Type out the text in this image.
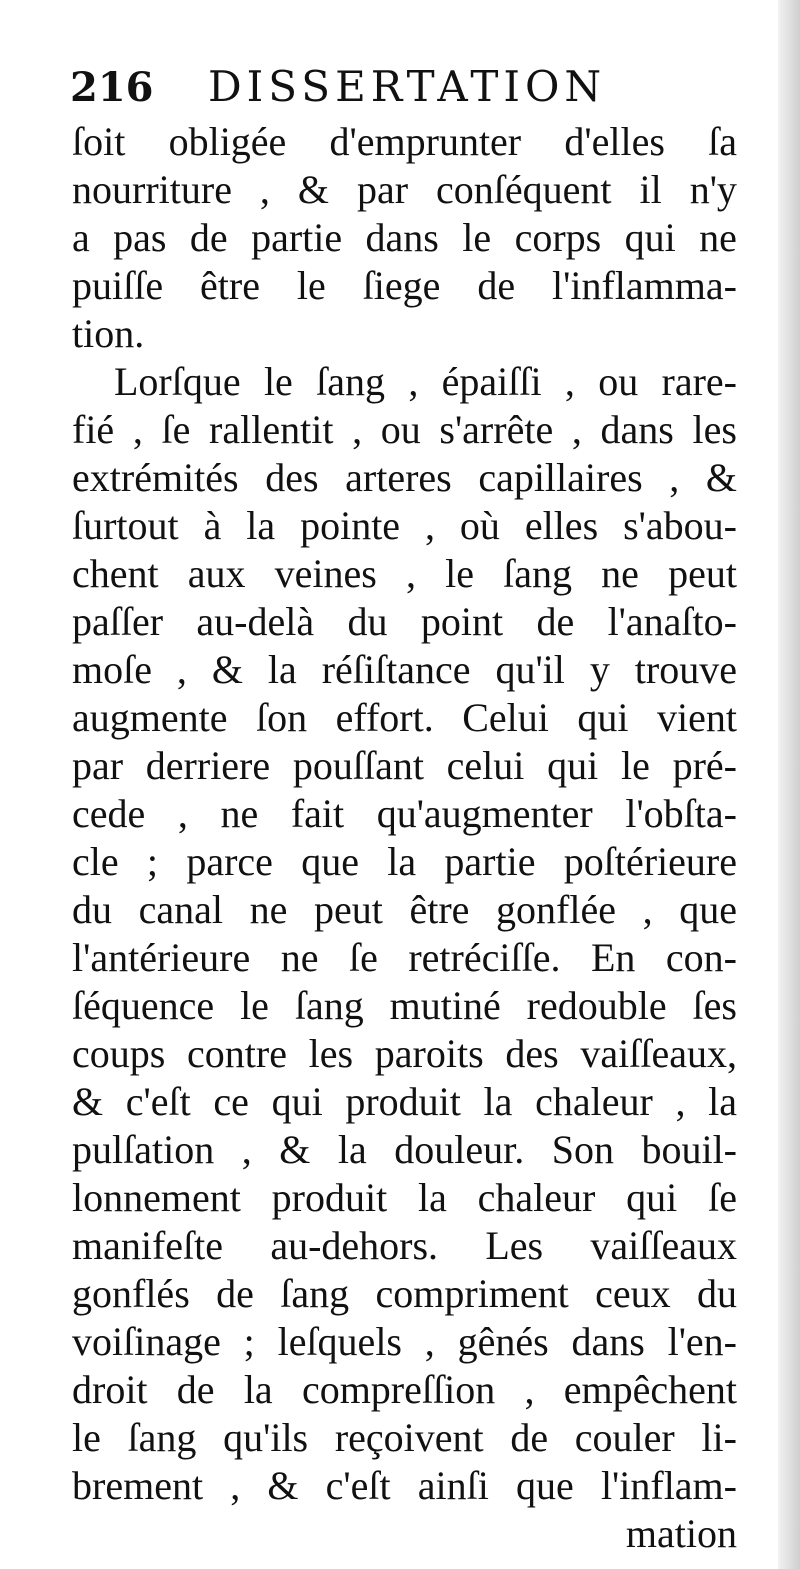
216 DISSERTATION
ſoit obligée d'emprunter d'elles ſa
nourriture , & par conſéquent il n'y
a pas de partie dans le corps qui ne
puiſſe être le ſiege de l'inflamma-
tion.
Lorſque le ſang , épaiſſi , ou rare-
fié , ſe rallentit , ou s'arrête , dans les
extrémités des arteres capillaires , &
ſurtout à la pointe , où elles s'abou-
chent aux veines , le ſang ne peut
paſſer au-delà du point de l'anaſto-
moſe , & la réſiſtance qu'il y trouve
augmente ſon effort. Celui qui vient
par derriere pouſſant celui qui le pré-
cede , ne fait qu'augmenter l'obſta-
cle ; parce que la partie poſtérieure
du canal ne peut être gonflée , que
l'antérieure ne ſe retréciſſe. En con-
ſéquence le ſang mutiné redouble ſes
coups contre les paroits des vaiſſeaux,
& c'eſt ce qui produit la chaleur , la
pulſation , & la douleur. Son bouil-
lonnement produit la chaleur qui ſe
manifeſte au-dehors. Les vaiſſeaux
gonflés de ſang compriment ceux du
voiſinage ; leſquels , gênés dans l'en-
droit de la compreſſion , empêchent
le ſang qu'ils reçoivent de couler li-
brement , & c'eſt ainſi que l'inflam-
mation
